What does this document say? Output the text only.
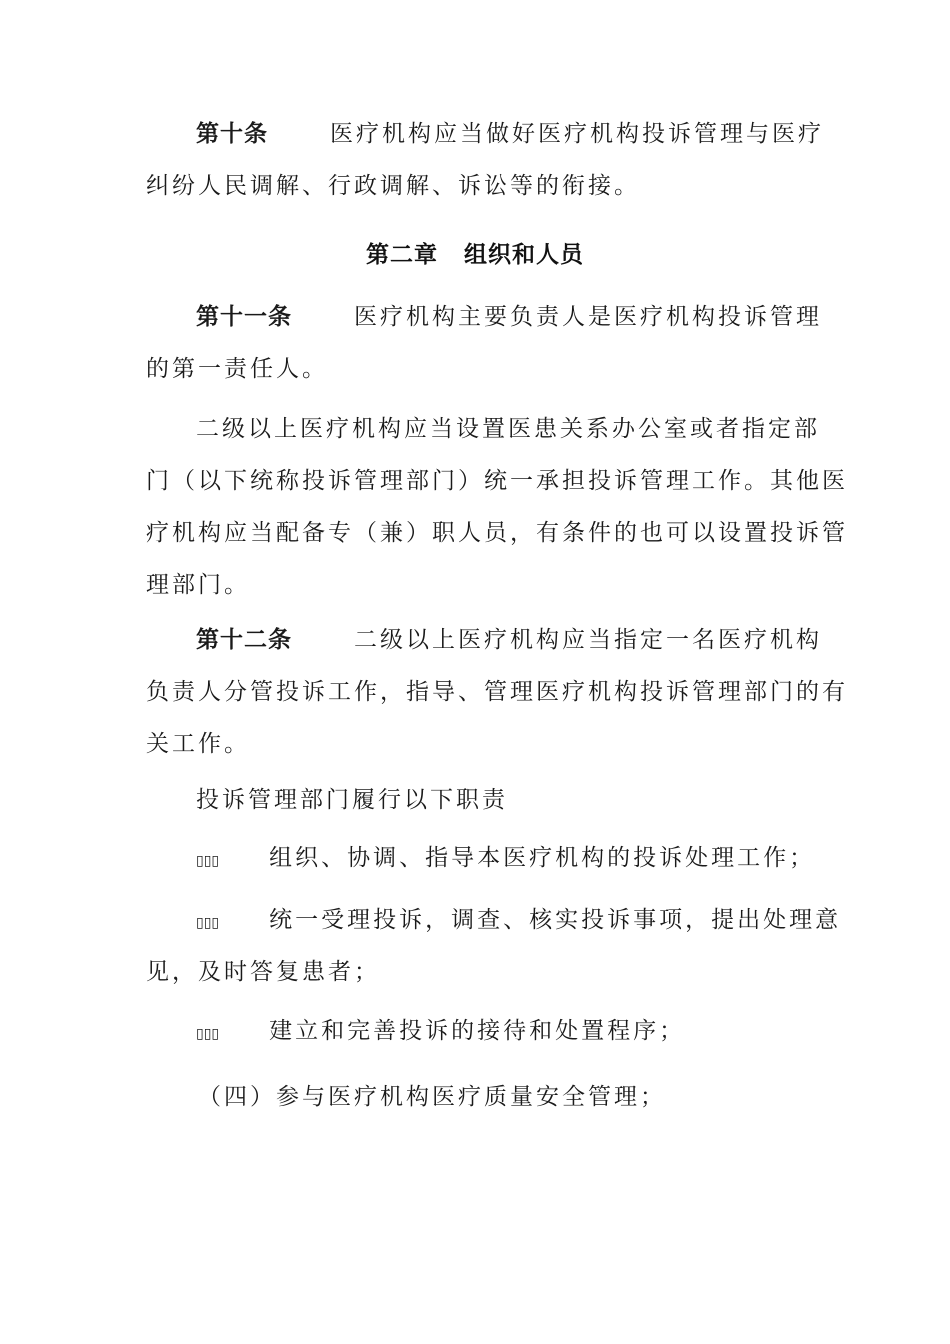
第十条	医疗机构应当做好医疗机构投诉管理与医疗
纠纷人民调解、行政调解、诉讼等的衔接。
第二章 组织和人员
第十一条	医疗机构主要负责人是医疗机构投诉管理
的第一责任人。
二级以上医疗机构应当设置医患关系办公室或者指定部
门（以下统称投诉管理部门）统一承担投诉管理工作。其他医
疗机构应当配备专（兼）职人员，有条件的也可以设置投诉管
理部门。
第十二条	二级以上医疗机构应当指定一名医疗机构
负责人分管投诉工作，指导、管理医疗机构投诉管理部门的有
关工作。
投诉管理部门履行以下职责
▯▯▯ 组织、协调、指导本医疗机构的投诉处理工作；
▯▯▯ 统一受理投诉，调查、核实投诉事项，提出处理意
见，及时答复患者；
▯▯▯ 建立和完善投诉的接待和处置程序；
（四）参与医疗机构医疗质量安全管理；
